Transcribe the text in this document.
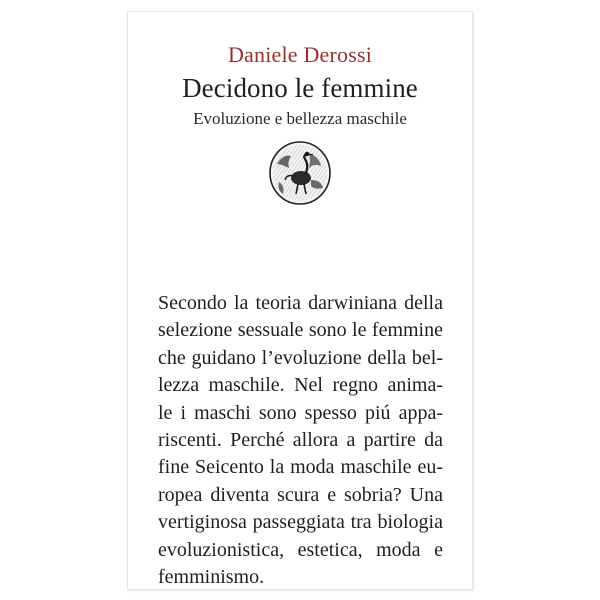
Daniele Derossi
Decidono le femmine
Evoluzione e bellezza maschile
Secondo la teoria darwiniana della
selezione sessuale sono le femmine
che guidano l’evoluzione della bel-
lezza maschile. Nel regno anima-
le i maschi sono spesso piú appa-
riscenti. Perché allora a partire da
fine Seicento la moda maschile eu-
ropea diventa scura e sobria? Una
vertiginosa passeggiata tra biologia
evoluzionistica, estetica, moda e
femminismo.
